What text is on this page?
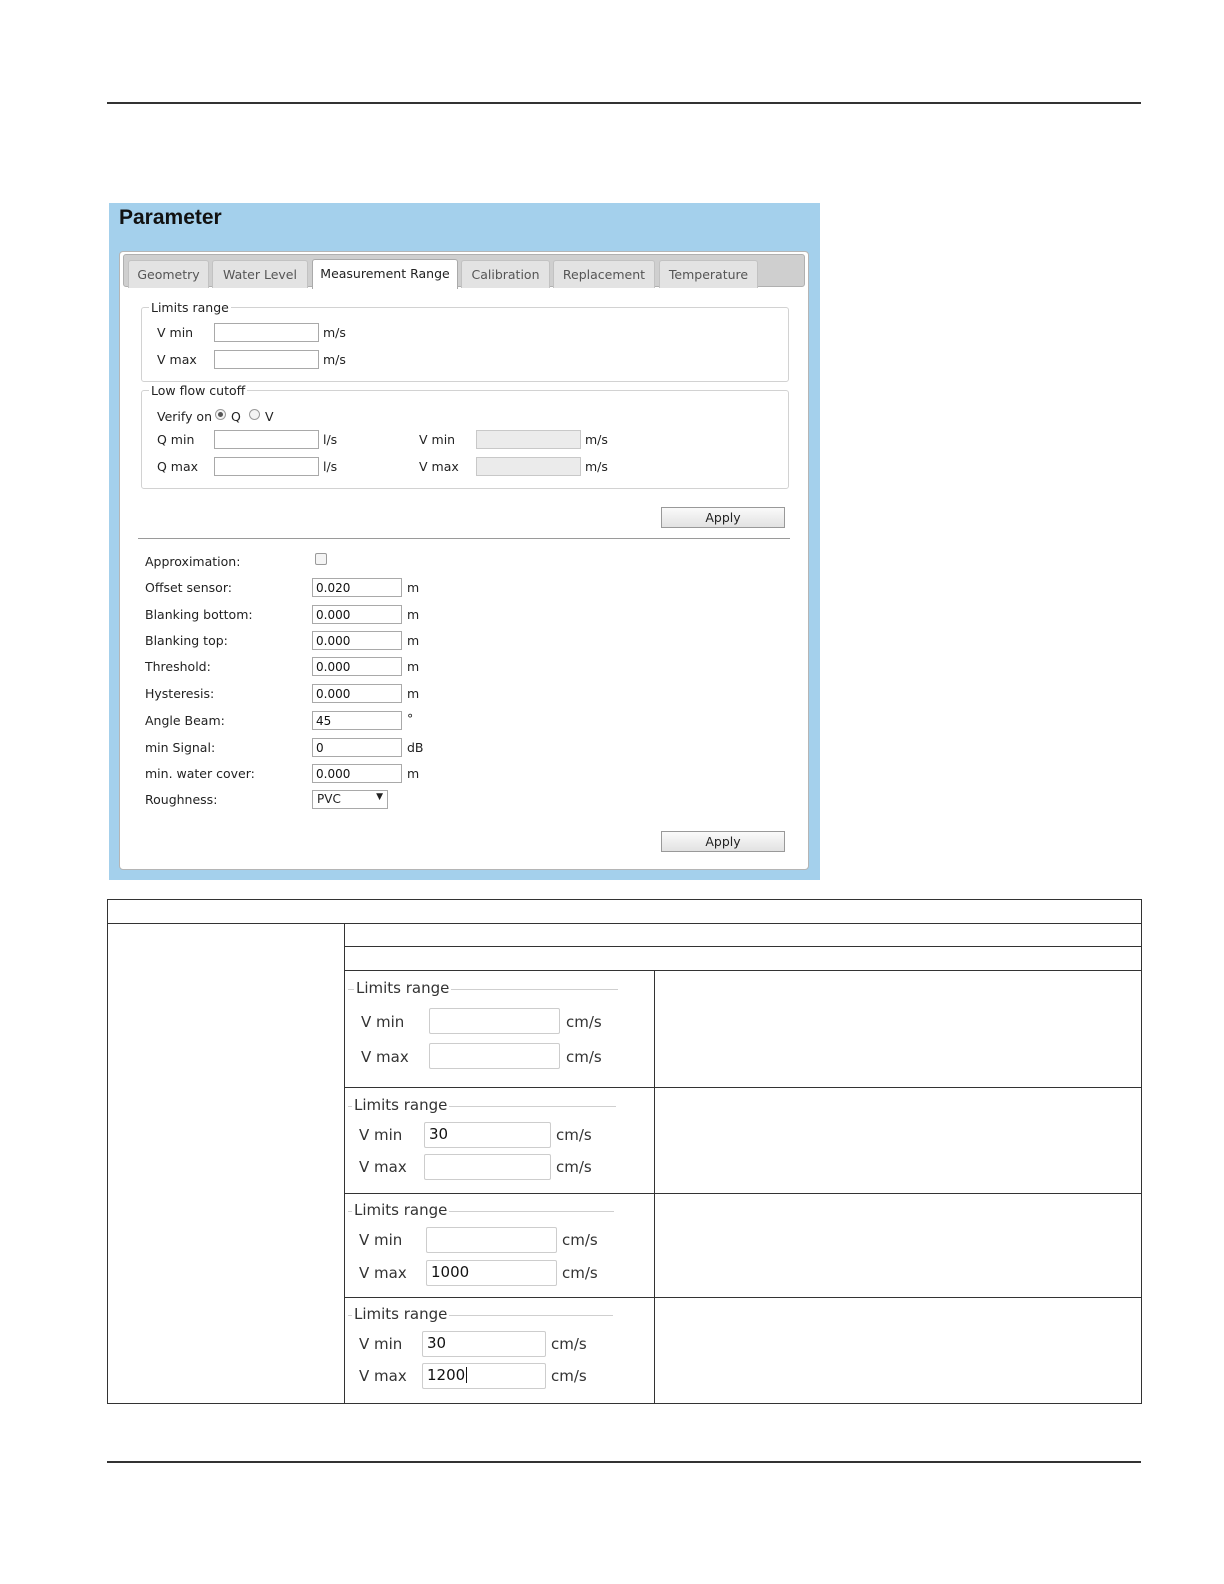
Parameter
Geometry	Water Level	Measurement Range	Calibration	Replacement	Temperature
Limits range
V min	m/s
V max	m/s
Low flow cutoff
Verify on Q V
Q min	l/s	V min	m/s
Q max	l/s	V max	m/s
Apply
Approximation:
Offset sensor:
0.020	m
Blanking bottom:
0.000	m
Blanking top:
0.000	m
Threshold:
0.000	m
Hysteresis:
0.000	m
Angle Beam:
45	°
min Signal:
0	dB
min. water cover:
0.000	m
Roughness:	PVC	▼
Apply
Limits range
V min	cm/s
V max	cm/s
Limits range
V min	30	cm/s
V max	cm/s
Limits range
V min	cm/s
V max	1000	cm/s
Limits range
V min	30	cm/s
V max	1200	cm/s
